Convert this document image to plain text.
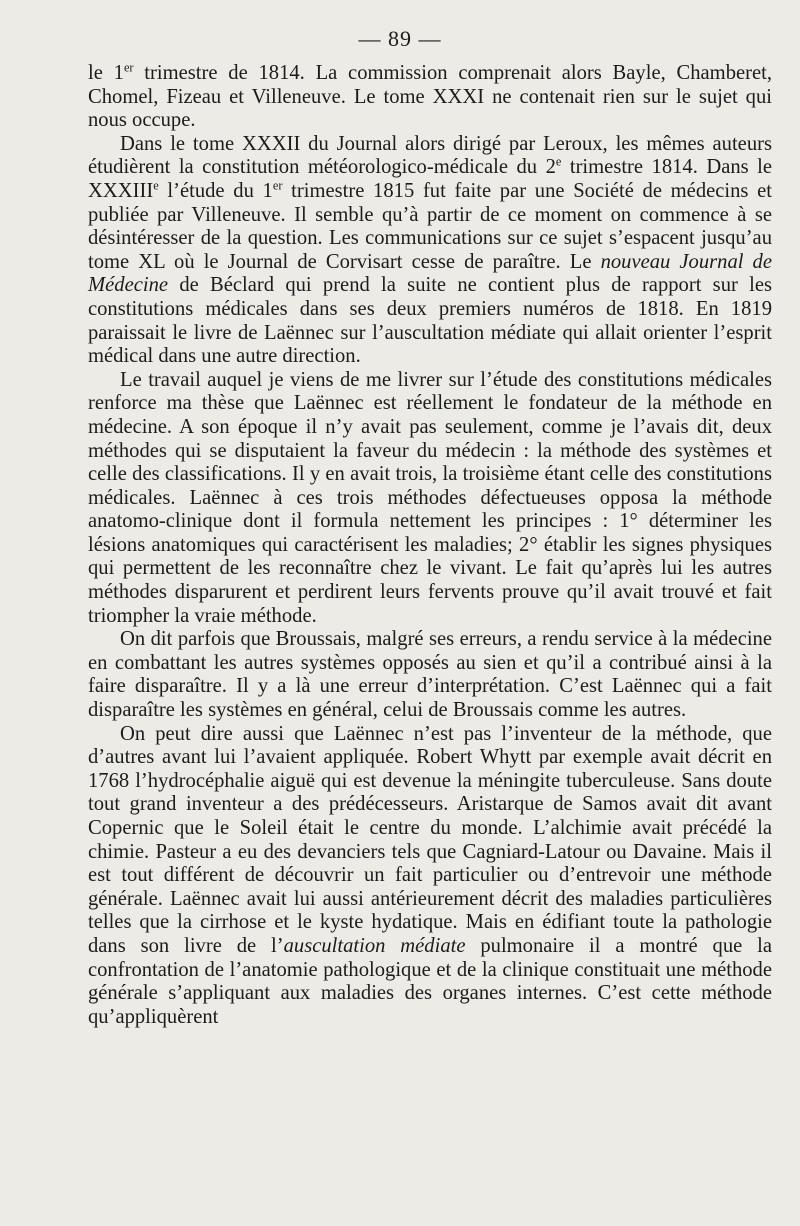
— 89 —

le 1er trimestre de 1814. La commission comprenait alors Bayle, Chamberet, Chomel, Fizeau et Villeneuve. Le tome XXXI ne contenait rien sur le sujet qui nous occupe.

Dans le tome XXXII du Journal alors dirigé par Leroux, les mêmes auteurs étudièrent la constitution météorologico-médicale du 2e trimestre 1814. Dans le XXXIIIe l’étude du 1er trimestre 1815 fut faite par une Société de médecins et publiée par Villeneuve. Il semble qu’à partir de ce moment on commence à se désintéresser de la question. Les communications sur ce sujet s’espacent jusqu’au tome XL où le Journal de Corvisart cesse de paraître. Le nouveau Journal de Médecine de Béclard qui prend la suite ne contient plus de rapport sur les constitutions médicales dans ses deux premiers numéros de 1818. En 1819 paraissait le livre de Laënnec sur l’auscultation médiate qui allait orienter l’esprit médical dans une autre direction.

Le travail auquel je viens de me livrer sur l’étude des constitutions médicales renforce ma thèse que Laënnec est réellement le fondateur de la méthode en médecine. A son époque il n’y avait pas seulement, comme je l’avais dit, deux méthodes qui se disputaient la faveur du médecin : la méthode des systèmes et celle des classifications. Il y en avait trois, la troisième étant celle des constitutions médicales. Laënnec à ces trois méthodes défectueuses opposa la méthode anatomo-clinique dont il formula nettement les principes : 1° déterminer les lésions anatomiques qui caractérisent les maladies; 2° établir les signes physiques qui permettent de les reconnaître chez le vivant. Le fait qu’après lui les autres méthodes disparurent et perdirent leurs fervents prouve qu’il avait trouvé et fait triompher la vraie méthode.

On dit parfois que Broussais, malgré ses erreurs, a rendu service à la médecine en combattant les autres systèmes opposés au sien et qu’il a contribué ainsi à la faire disparaître. Il y a là une erreur d’interprétation. C’est Laënnec qui a fait disparaître les systèmes en général, celui de Broussais comme les autres.

On peut dire aussi que Laënnec n’est pas l’inventeur de la méthode, que d’autres avant lui l’avaient appliquée. Robert Whytt par exemple avait décrit en 1768 l’hydrocéphalie aiguë qui est devenue la méningite tuberculeuse. Sans doute tout grand inventeur a des prédécesseurs. Aristarque de Samos avait dit avant Copernic que le Soleil était le centre du monde. L’alchimie avait précédé la chimie. Pasteur a eu des devanciers tels que Cagniard-Latour ou Davaine. Mais il est tout différent de découvrir un fait particulier ou d’entrevoir une méthode générale. Laënnec avait lui aussi antérieurement décrit des maladies particulières telles que la cirrhose et le kyste hydatique. Mais en édifiant toute la pathologie dans son livre de l’auscultation médiate pulmonaire il a montré que la confrontation de l’anatomie pathologique et de la clinique constituait une méthode générale s’appliquant aux maladies des organes internes. C’est cette méthode qu’appliquèrent
